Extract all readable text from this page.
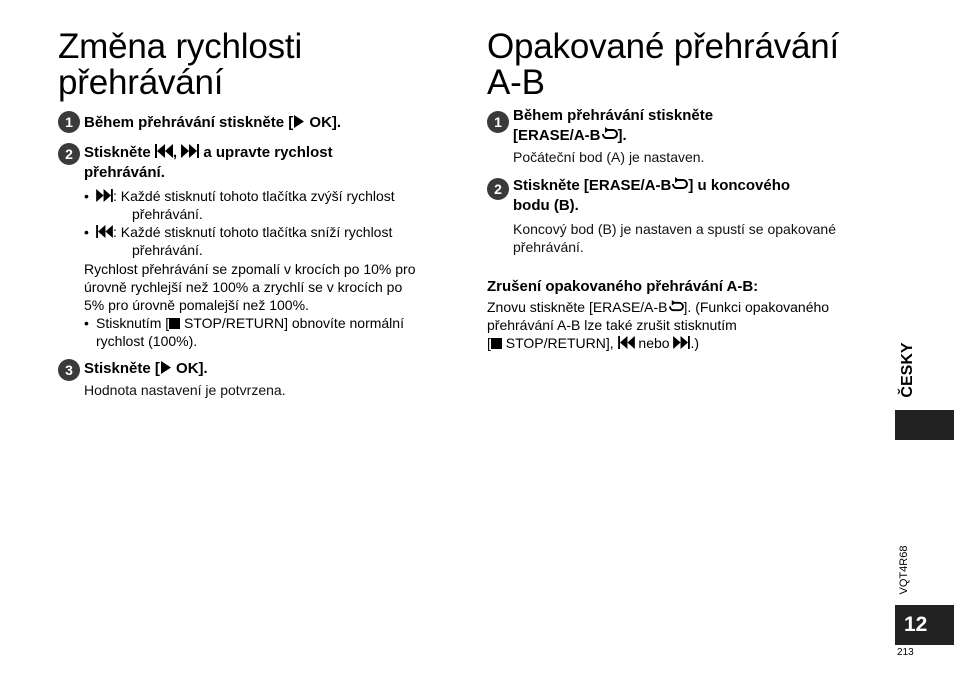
Změna rychlosti
přehrávání
1 Během přehrávání stiskněte [ OK].
2 Stiskněte ,  a upravte rychlost
přehrávání.
• : Každé stisknutí tohoto tlačítka zvýší rychlost
přehrávání.
• : Každé stisknutí tohoto tlačítka sníží rychlost
přehrávání.
Rychlost přehrávání se zpomalí v krocích po 10% pro
úrovně rychlejší než 100% a zrychlí se v krocích po
5% pro úrovně pomalejší než 100%.
• Stisknutím [ STOP/RETURN] obnovíte normální
rychlost (100%).
3 Stiskněte [ OK].
Hodnota nastavení je potvrzena.
Opakované přehrávání
A-B
1 Během přehrávání stiskněte
[ERASE/A-B ].
Počáteční bod (A) je nastaven.
2 Stiskněte [ERASE/A-B ] u koncového
bodu (B).
Koncový bod (B) je nastaven a spustí se opakované
přehrávání.
Zrušení opakovaného přehrávání A-B:
Znovu stiskněte [ERASE/A-B ]. (Funkci opakovaného
přehrávání A-B lze také zrušit stisknutím
[ STOP/RETURN],  nebo .)	ČESKY
VQT4R68
12
213
